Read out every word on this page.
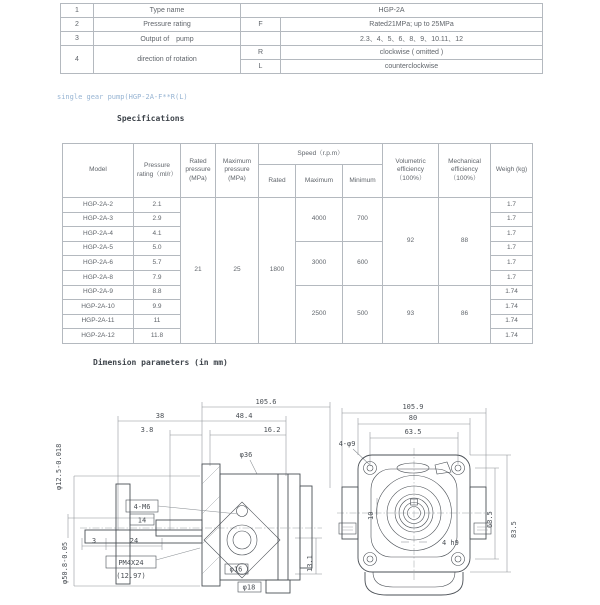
1	Type name	HGP-2A	
2	Pressure rating	F	Rated21MPa; up to 25MPa
3	Output of　pump		2.3、4、5、6、8、9、10.11、12
4	direction of rotation	R	clockwise ( omitted )
		L	counterclockwise
single gear pump(HGP-2A-F**R(L)
Specifications
Model	Pressure rating（ml/r）	Rated pressure (MPa)	Maximum pressure (MPa)	Speed（r.p.m）			Volumetric efficiency（100%）	Mechanical efficiency（100%）	Weigh (kg)
				Rated	Maximum	Minimum			
HGP-2A-2	2.1	21	25	1800	4000	700	92	88	1.7
HGP-2A-3	2.9								1.7
HGP-2A-4	4.1								1.7
HGP-2A-5	5.0				3000	600			1.7
HGP-2A-6	5.7								1.7
HGP-2A-8	7.9								1.7
HGP-2A-9	8.8				2500	500	93	86	1.74
HGP-2A-10	9.9								1.74
HGP-2A-11	11								1.74
HGP-2A-12	11.8								1.74
Dimension parameters (in mm)
105.6
38	48.4
3.8	16.2
φ36
4-M6
14
φ12.5-0.018
φ50.8-0.05
3	24
PM4X24
(12.97)
φ16
φ18
13.1
105.9
80
63.5
4-φ9
63.5
83.5
10
4 h9
